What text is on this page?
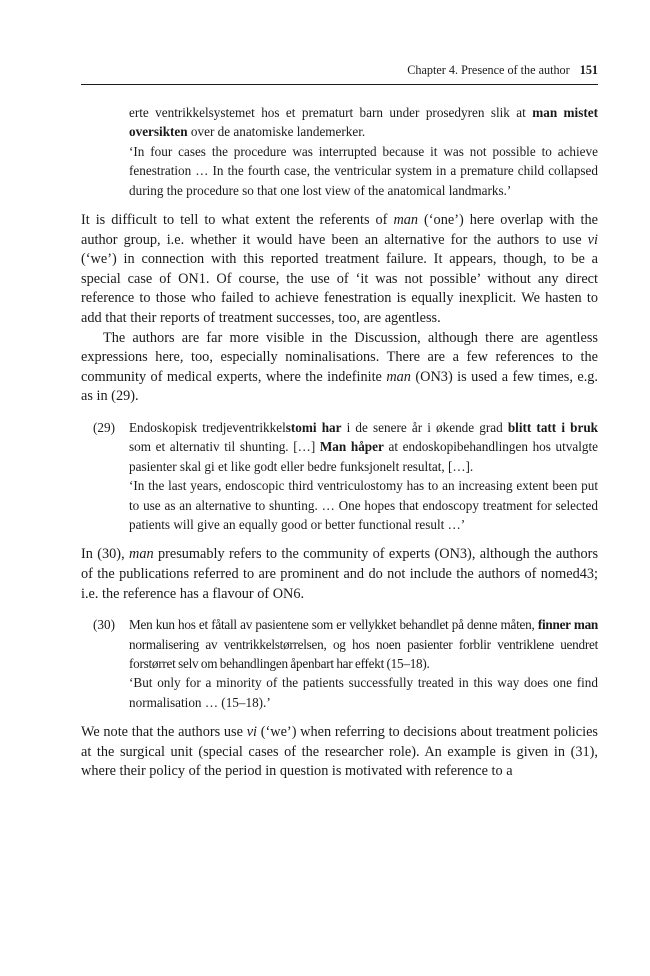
Chapter 4. Presence of the author 151

erte ventrikkelsystemet hos et prematurt barn under prosedyren slik at man mistet oversikten over de anatomiske landemerker.

‘In four cases the procedure was interrupted because it was not possible to achieve fenestration … In the fourth case, the ventricular system in a premature child collapsed during the procedure so that one lost view of the anatomical landmarks.’

It is difficult to tell to what extent the referents of man (‘one’) here overlap with the author group, i.e. whether it would have been an alternative for the authors to use vi (‘we’) in connection with this reported treatment failure. It appears, though, to be a special case of ON1. Of course, the use of ‘it was not possible’ without any direct reference to those who failed to achieve fenestration is equally inexplicit. We hasten to add that their reports of treatment successes, too, are agentless.

The authors are far more visible in the Discussion, although there are agentless expressions here, too, especially nominalisations. There are a few references to the community of medical experts, where the indefinite man (ON3) is used a few times, e.g. as in (29).

(29) Endoskopisk tredjeventrikkelstomi har i de senere år i økende grad blitt tatt i bruk som et alternativ til shunting. […] Man håper at endoskopibehandlingen hos utvalgte pasienter skal gi et like godt eller bedre funksjonelt resultat, […].

‘In the last years, endoscopic third ventriculostomy has to an increasing extent been put to use as an alternative to shunting. … One hopes that endoscopy treatment for selected patients will give an equally good or better functional result …’

In (30), man presumably refers to the community of experts (ON3), although the authors of the publications referred to are prominent and do not include the authors of nomed43; i.e. the reference has a flavour of ON6.

(30) Men kun hos et fåtall av pasientene som er vellykket behandlet på denne måten, finner man normalisering av ventrikkelstørrelsen, og hos noen pasienter forblir ventriklene uendret forstørret selv om behandlingen åpenbart har effekt (15–18).

‘But only for a minority of the patients successfully treated in this way does one find normalisation … (15–18).’

We note that the authors use vi (‘we’) when referring to decisions about treatment policies at the surgical unit (special cases of the researcher role). An example is given in (31), where their policy of the period in question is motivated with reference to a
